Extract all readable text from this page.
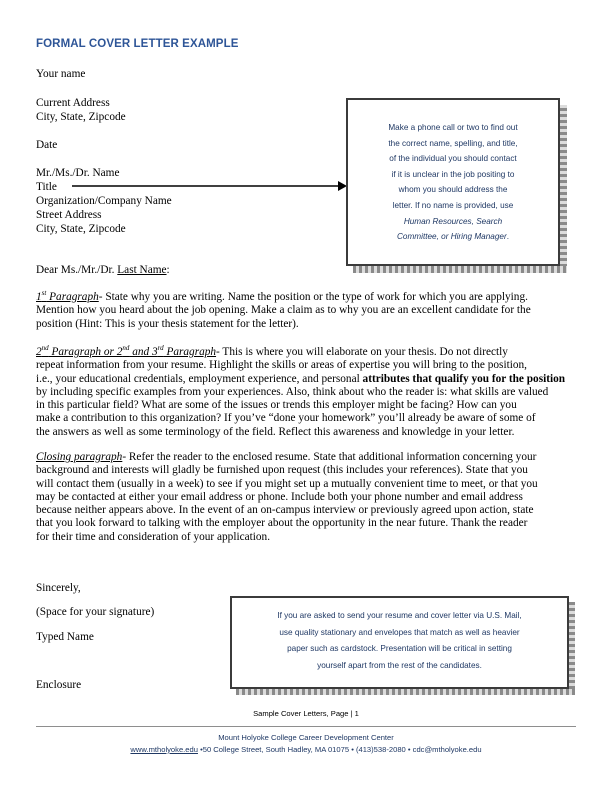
FORMAL COVER LETTER EXAMPLE
Your name
Current Address
City, State, Zipcode
Date
Mr./Ms./Dr. Name
Title
Organization/Company Name
Street Address
City, State, Zipcode
Make a phone call or two to find out
the correct name, spelling, and title,
of the individual you should contact
if it is unclear in the job positing to
whom you should address the
letter. If no name is provided, use
Human Resources, Search
Committee, or Hiring Manager.
Dear Ms./Mr./Dr. Last Name:

1st Paragraph- State why you are writing. Name the position or the type of work for which you are applying.

Mention how you heard about the job opening. Make a claim as to why you are an excellent candidate for the

position (Hint: This is your thesis statement for the letter).

2nd Paragraph or 2nd and 3rd Paragraph- This is where you will elaborate on your thesis. Do not directly

repeat information from your resume. Highlight the skills or areas of expertise you will bring to the position,

i.e., your educational credentials, employment experience, and personal attributes that qualify you for the position

by including specific examples from your experiences. Also, think about who the reader is: what skills are valued

in this particular field? What are some of the issues or trends this employer might be facing? How can you

make a contribution to this organization? If you’ve “done your homework” you’ll already be aware of some of

the answers as well as some terminology of the field. Reflect this awareness and knowledge in your letter.

Closing paragraph- Refer the reader to the enclosed resume. State that additional information concerning your

background and interests will gladly be furnished upon request (this includes your references). State that you

will contact them (usually in a week) to see if you might set up a mutually convenient time to meet, or that you

may be contacted at either your email address or phone. Include both your phone number and email address

because neither appears above. In the event of an on-campus interview or previously agreed upon action, state

that you look forward to talking with the employer about the opportunity in the near future. Thank the reader

for their time and consideration of your application.

Sincerely,
(Space for your signature)
Typed Name
Enclosure
If you are asked to send your resume and cover letter via U.S. Mail,
use quality stationary and envelopes that match as well as heavier
paper such as cardstock. Presentation will be critical in setting
yourself apart from the rest of the candidates.
Sample Cover Letters, Page | 1
Mount Holyoke College Career Development Center
www.mtholyoke.edu •50 College Street, South Hadley, MA 01075 • (413)538-2080 • cdc@mtholyoke.edu
